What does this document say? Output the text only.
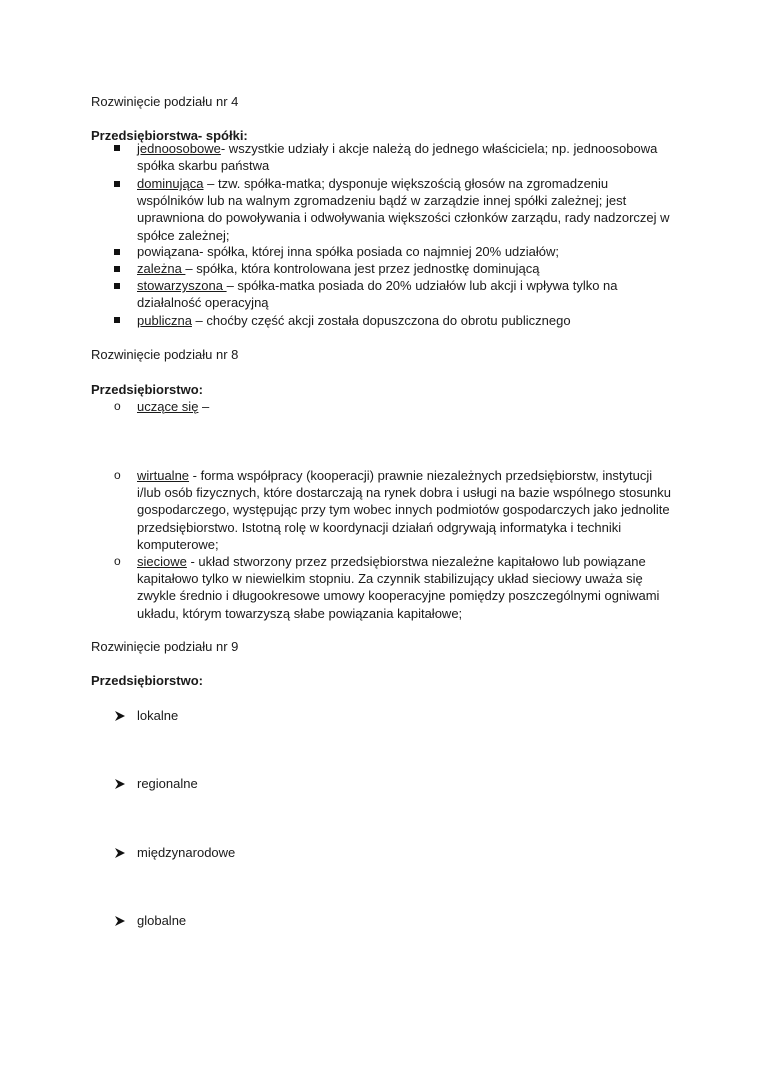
Rozwinięcie podziału nr 4
Przedsiębiorstwa- spółki:
jednoosobowe- wszystkie udziały i akcje należą do jednego właściciela; np. jednoosobowa spółka skarbu państwa
dominująca – tzw. spółka-matka; dysponuje większością głosów na zgromadzeniu wspólników lub na walnym zgromadzeniu bądź w zarządzie innej spółki zależnej; jest uprawniona do powoływania i odwoływania większości członków zarządu, rady nadzorczej w spółce zależnej;
powiązana- spółka, której inna spółka posiada co najmniej 20% udziałów;
zależna – spółka, która kontrolowana jest przez jednostkę dominującą
stowarzyszona – spółka-matka posiada do 20% udziałów lub akcji i wpływa tylko na działalność operacyjną
publiczna – choćby część akcji została dopuszczona do obrotu publicznego
Rozwinięcie podziału nr 8
Przedsiębiorstwo:
o uczące się –
o wirtualne - forma współpracy (kooperacji) prawnie niezależnych przedsiębiorstw, instytucji i/lub osób fizycznych, które dostarczają na rynek dobra i usługi na bazie wspólnego stosunku gospodarczego, występując przy tym wobec innych podmiotów gospodarczych jako jednolite przedsiębiorstwo. Istotną rolę w koordynacji działań odgrywają informatyka i techniki komputerowe;
o sieciowe - układ stworzony przez przedsiębiorstwa niezależne kapitałowo lub powiązane kapitałowo tylko w niewielkim stopniu. Za czynnik stabilizujący układ sieciowy uważa się zwykle średnio i długookresowe umowy kooperacyjne pomiędzy poszczególnymi ogniwami układu, którym towarzyszą słabe powiązania kapitałowe;
Rozwinięcie podziału nr 9
Przedsiębiorstwo:
lokalne
regionalne
międzynarodowe
globalne
